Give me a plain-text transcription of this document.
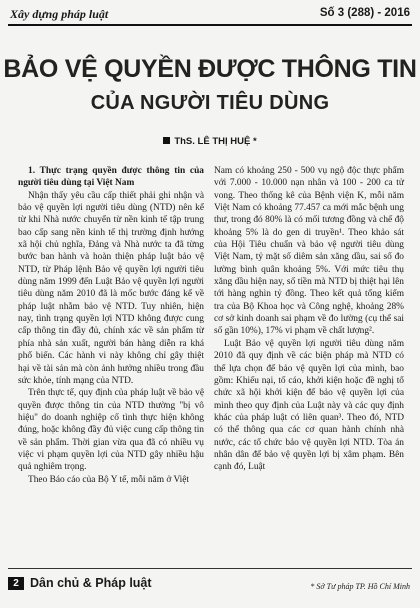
Xây dựng pháp luật	Số 3 (288) - 2016
BẢO VỆ QUYỀN ĐƯỢC THÔNG TIN
CỦA NGƯỜI TIÊU DÙNG
ThS. LÊ THỊ HUỆ *

1. Thực trạng quyền được thông tin của người tiêu dùng tại Việt Nam

Nhận thấy yêu cầu cấp thiết phải ghi nhận và bảo vệ quyền lợi người tiêu dùng (NTD) nên kể từ khi Nhà nước chuyển từ nền kinh tế tập trung bao cấp sang nền kinh tế thị trường định hướng xã hội chủ nghĩa, Đảng và Nhà nước ta đã từng bước ban hành và hoàn thiện pháp luật bảo vệ NTD, từ Pháp lệnh Bảo vệ quyền lợi người tiêu dùng năm 1999 đến Luật Bảo vệ quyền lợi người tiêu dùng năm 2010 đã là mốc bước đáng kể về pháp luật nhằm bảo vệ NTD. Tuy nhiên, hiện nay, tình trạng quyền lợi NTD không được cung cấp thông tin đầy đủ, chính xác về sản phẩm từ phía nhà sản xuất, người bán hàng diễn ra khá phổ biến. Các hành vi này không chỉ gây thiệt hại về tài sản mà còn ảnh hưởng nhiều trong đầu sức khỏe, tính mạng của NTD.

Trên thực tế, quy định của pháp luật về bảo vệ quyền được thông tin của NTD thường "bị vô hiệu" do doanh nghiệp cố tình thực hiện không đúng, hoặc không đầy đủ việc cung cấp thông tin về sản phẩm. Thời gian vừa qua đã có nhiều vụ việc vi phạm quyền lợi của NTD gây nhiều hậu quả nghiêm trọng.

Theo Báo cáo của Bộ Y tế, mỗi năm ở Việt

Nam có khoảng 250 - 500 vụ ngộ độc thực phẩm với 7.000 - 10.000 nạn nhân và 100 - 200 ca tử vong. Theo thống kê của Bệnh viện K, mỗi năm Việt Nam có khoảng 77.457 ca mới mắc bệnh ung thư, trong đó 80% là có mối tương đồng và chế độ khoảng 5% là do gen di truyền¹. Theo khảo sát của Hội Tiêu chuẩn và bảo vệ người tiêu dùng Việt Nam, tỷ mặt số diêm sản xăng dầu, sai số đo lường bình quân khoảng 5%. Với mức tiêu thụ xăng dầu hiện nay, số tiền mà NTD bị thiệt hại lên tới hàng nghìn tỷ đồng. Theo kết quả tổng kiểm tra của Bộ Khoa học và Công nghệ, khoảng 28% cơ sở kinh doanh sai phạm về đo lường (cụ thể sai số gần 10%), 17% vi phạm về chất lượng².

Luật Bảo vệ quyền lợi người tiêu dùng năm 2010 đã quy định về các biện pháp mà NTD có thể lựa chọn để bảo vệ quyền lợi của mình, bao gồm: Khiếu nại, tố cáo, khởi kiện hoặc đề nghị tổ chức xã hội khởi kiện để bảo vệ quyền lợi của mình theo quy định của Luật này và các quy định khác của pháp luật có liên quan³. Theo đó, NTD có thể thông qua các cơ quan hành chính nhà nước, các tổ chức bảo vệ quyền lợi NTD. Tòa án nhân dân để bảo vệ quyền lợi bị xâm phạm. Bên cạnh đó, Luật

2 Dân chủ & Pháp luật	* Sở Tư pháp TP. Hồ Chí Minh
